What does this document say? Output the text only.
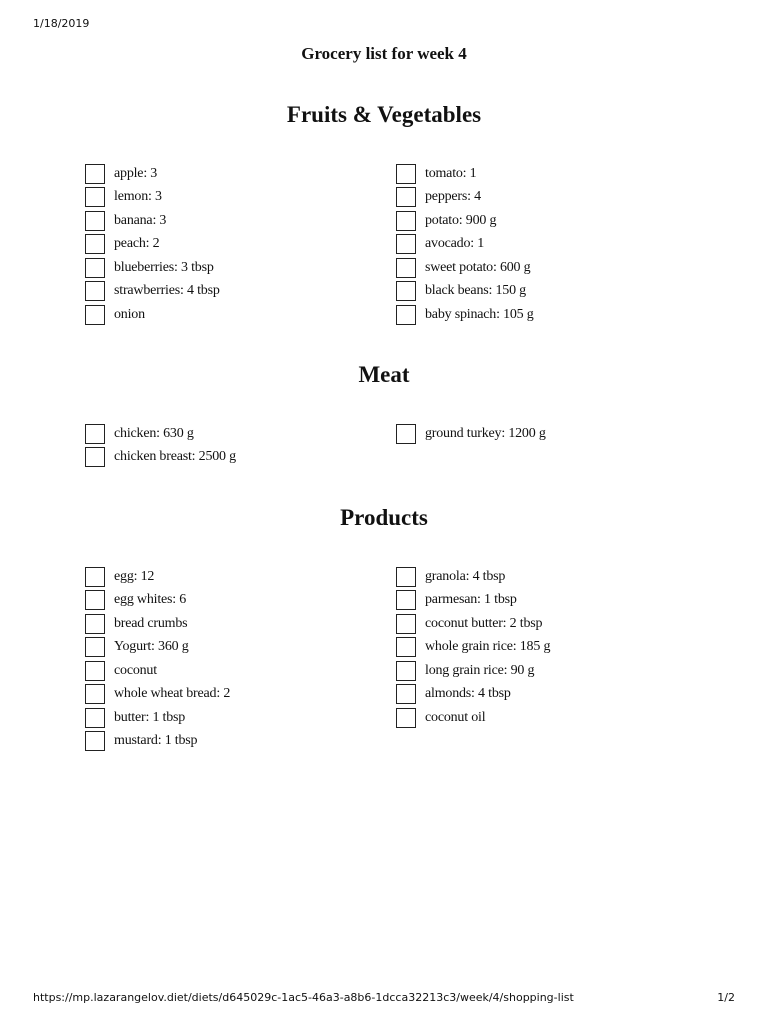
1/18/2019
Grocery list for week 4
Fruits & Vegetables
apple: 3
lemon: 3
banana: 3
peach: 2
blueberries: 3 tbsp
strawberries: 4 tbsp
onion
tomato: 1
peppers: 4
potato: 900 g
avocado: 1
sweet potato: 600 g
black beans: 150 g
baby spinach: 105 g
Meat
chicken: 630 g
chicken breast: 2500 g
ground turkey: 1200 g
Products
egg: 12
egg whites: 6
bread crumbs
Yogurt: 360 g
coconut
whole wheat bread: 2
butter: 1 tbsp
mustard: 1 tbsp
granola: 4 tbsp
parmesan: 1 tbsp
coconut butter: 2 tbsp
whole grain rice: 185 g
long grain rice: 90 g
almonds: 4 tbsp
coconut oil
https://mp.lazarangelov.diet/diets/d645029c-1ac5-46a3-a8b6-1dcca32213c3/week/4/shopping-list	1/2
